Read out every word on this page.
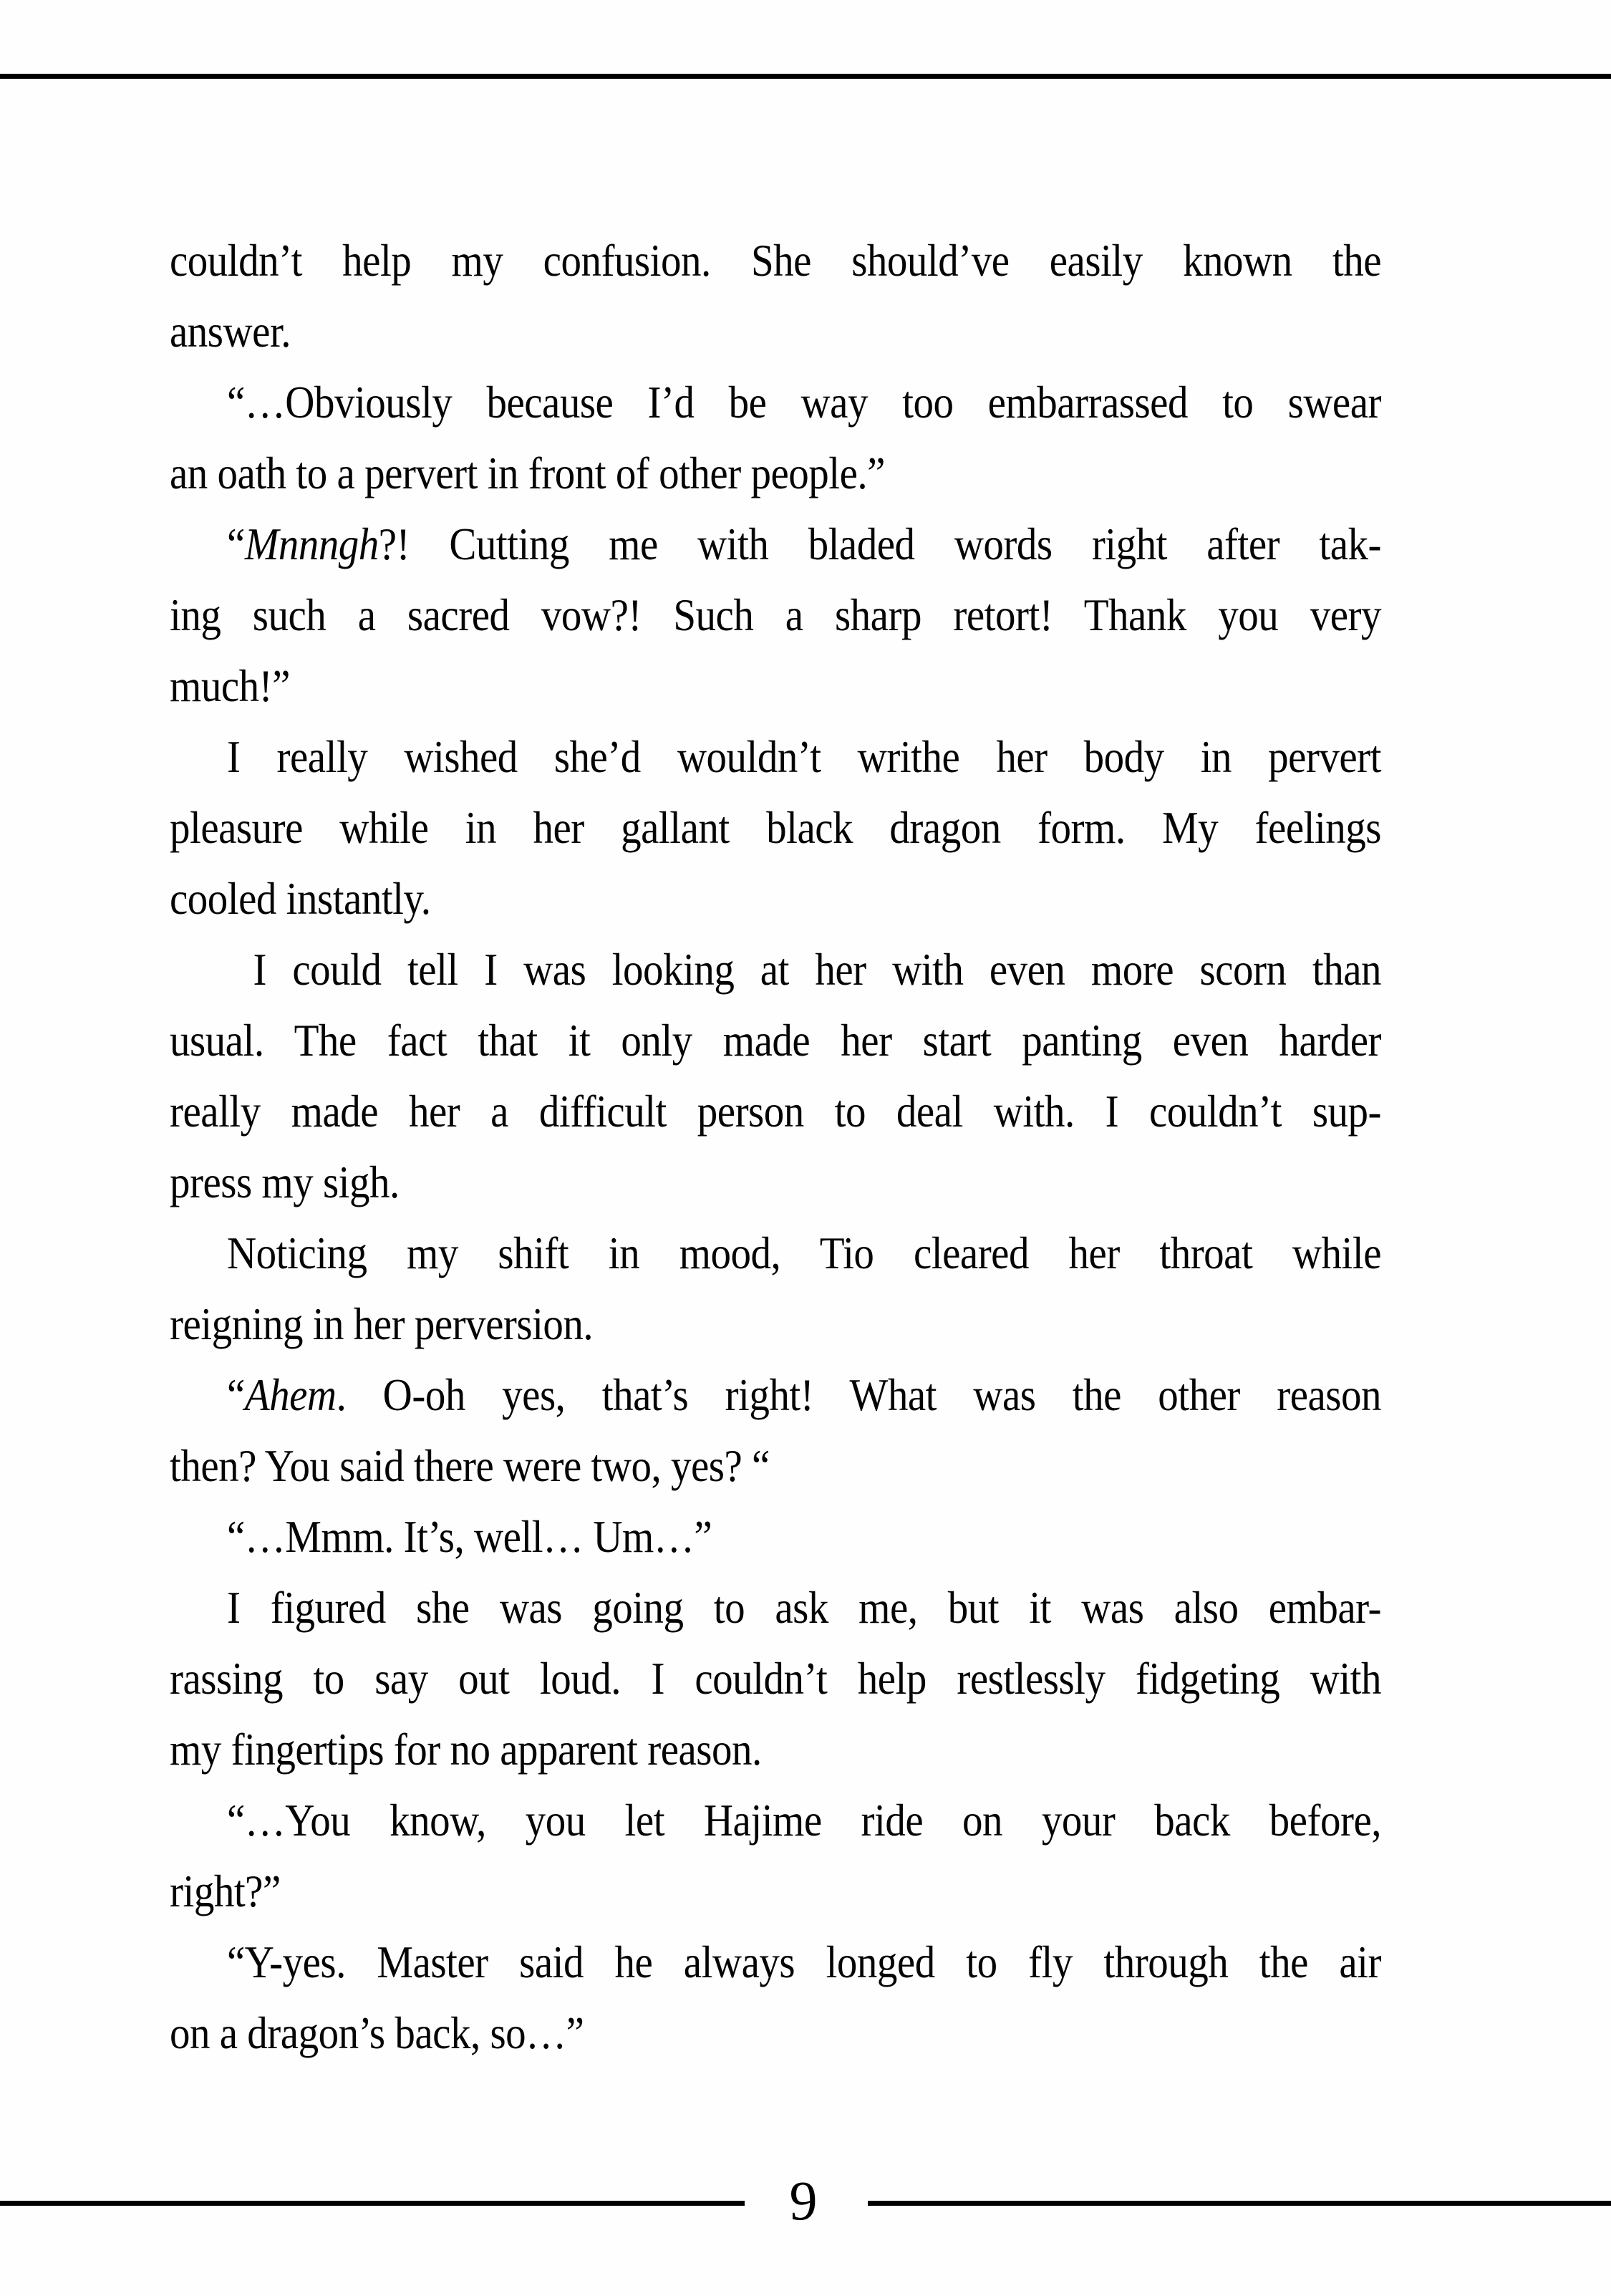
couldn’t help my confusion. She should’ve easily known the
answer.
“…Obviously because I’d be way too embarrassed to swear
an oath to a pervert in front of other people.”
“Mnnngh?! Cutting me with bladed words right after tak-
ing such a sacred vow?! Such a sharp retort! Thank you very
much!”
I really wished she’d wouldn’t writhe her body in pervert
pleasure while in her gallant black dragon form. My feelings
cooled instantly.
I could tell I was looking at her with even more scorn than
usual. The fact that it only made her start panting even harder
really made her a difficult person to deal with. I couldn’t sup-
press my sigh.
Noticing my shift in mood, Tio cleared her throat while
reigning in her perversion.
“Ahem. O-oh yes, that’s right! What was the other reason
then? You said there were two, yes? “
“…Mmm. It’s, well… Um…”
I figured she was going to ask me, but it was also embar-
rassing to say out loud. I couldn’t help restlessly fidgeting with
my fingertips for no apparent reason.
“…You know, you let Hajime ride on your back before,
right?”
“Y-yes. Master said he always longed to fly through the air
on a dragon’s back, so…”
9
